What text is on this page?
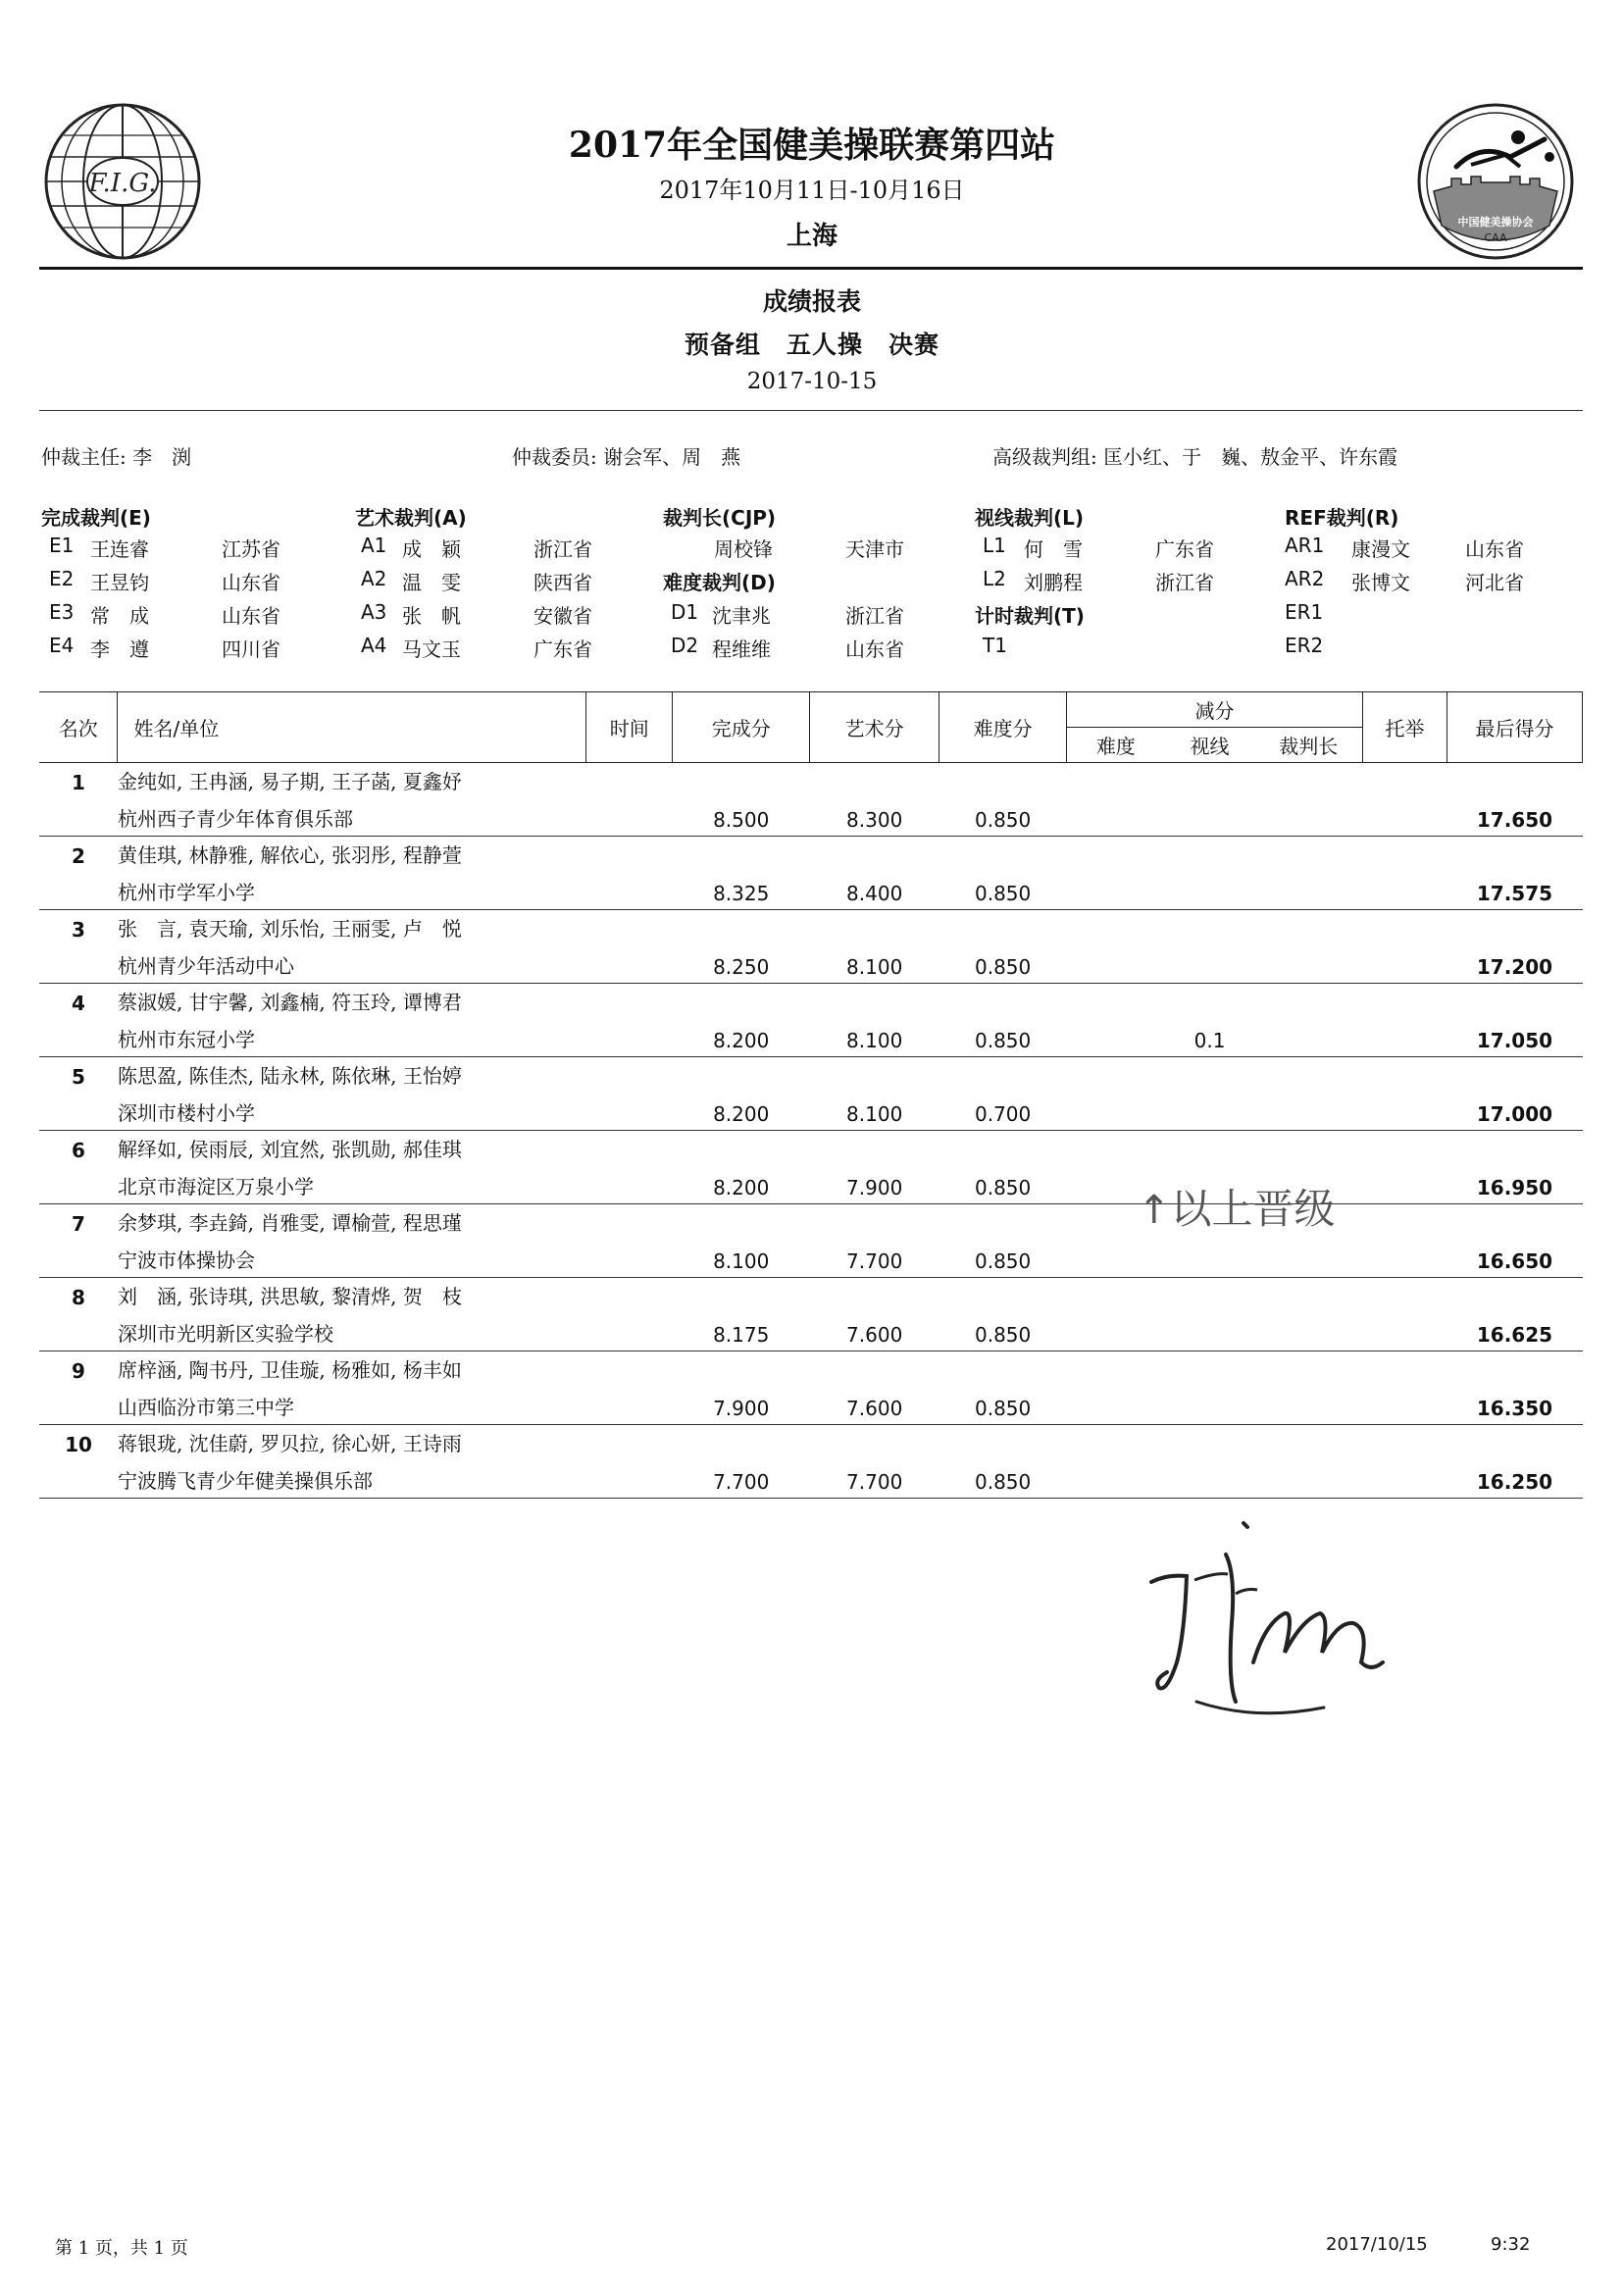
F.I.G.
中国健美操协会
CAA
2017年全国健美操联赛第四站
2017年10月11日-10月16日
上海
成绩报表
预备组　五人操　决赛
2017-10-15
仲裁主任: 李　渕	仲裁委员: 谢会军、周　燕	高级裁判组: 匡小红、于　巍、敖金平、许东霞
完成裁判(E)
E1 王连睿	江苏省
E2 王昱钧	山东省
E3 常　成	山东省
E4 李　遵	四川省
艺术裁判(A)
A1 成　颖	浙江省
A2 温　雯	陕西省
A3 张　帆	安徽省
A4 马文玉	广东省
裁判长(CJP)
周校锋	天津市
难度裁判(D)
D1 沈聿兆	浙江省
D2 程维维	山东省
视线裁判(L)
L1 何　雪	广东省
L2 刘鹏程	浙江省
计时裁判(T)
T1
REF裁判(R)
AR1 康漫文	山东省
AR2 张博文	河北省
ER1
ER2
名次	姓名/单位	时间	完成分	艺术分	难度分	减分			托举	最后得分
						难度	视线	裁判长		
1	金纯如, 王冉涵, 易子期, 王子菡, 夏鑫妤									
	杭州西子青少年体育俱乐部		8.500	8.300	0.850					17.650
2	黄佳琪, 林静雅, 解依心, 张羽彤, 程静萱									
	杭州市学军小学		8.325	8.400	0.850					17.575
3	张　言, 袁天瑜, 刘乐怡, 王丽雯, 卢　悦									
	杭州青少年活动中心		8.250	8.100	0.850					17.200
4	蔡淑媛, 甘宇馨, 刘鑫楠, 符玉玲, 谭博君									
	杭州市东冠小学		8.200	8.100	0.850		0.1			17.050
5	陈思盈, 陈佳杰, 陆永林, 陈依琳, 王怡婷									
	深圳市楼村小学		8.200	8.100	0.700					17.000
6	解绎如, 侯雨辰, 刘宜然, 张凯勋, 郝佳琪									
	北京市海淀区万泉小学		8.200	7.900	0.850					16.950
7	余梦琪, 李垚錡, 肖雅雯, 谭榆萱, 程思瑾									
	宁波市体操协会		8.100	7.700	0.850					16.650
8	刘　涵, 张诗琪, 洪思敏, 黎清烨, 贺　枝									
	深圳市光明新区实验学校		8.175	7.600	0.850					16.625
9	席梓涵, 陶书丹, 卫佳璇, 杨雅如, 杨丰如									
	山西临汾市第三中学		7.900	7.600	0.850					16.350
10	蒋银珑, 沈佳蔚, 罗贝拉, 徐心妍, 王诗雨									
	宁波腾飞青少年健美操俱乐部		7.700	7.700	0.850					16.250
↑以上晋级
第 1 页，共 1 页	2017/10/15	9:32
